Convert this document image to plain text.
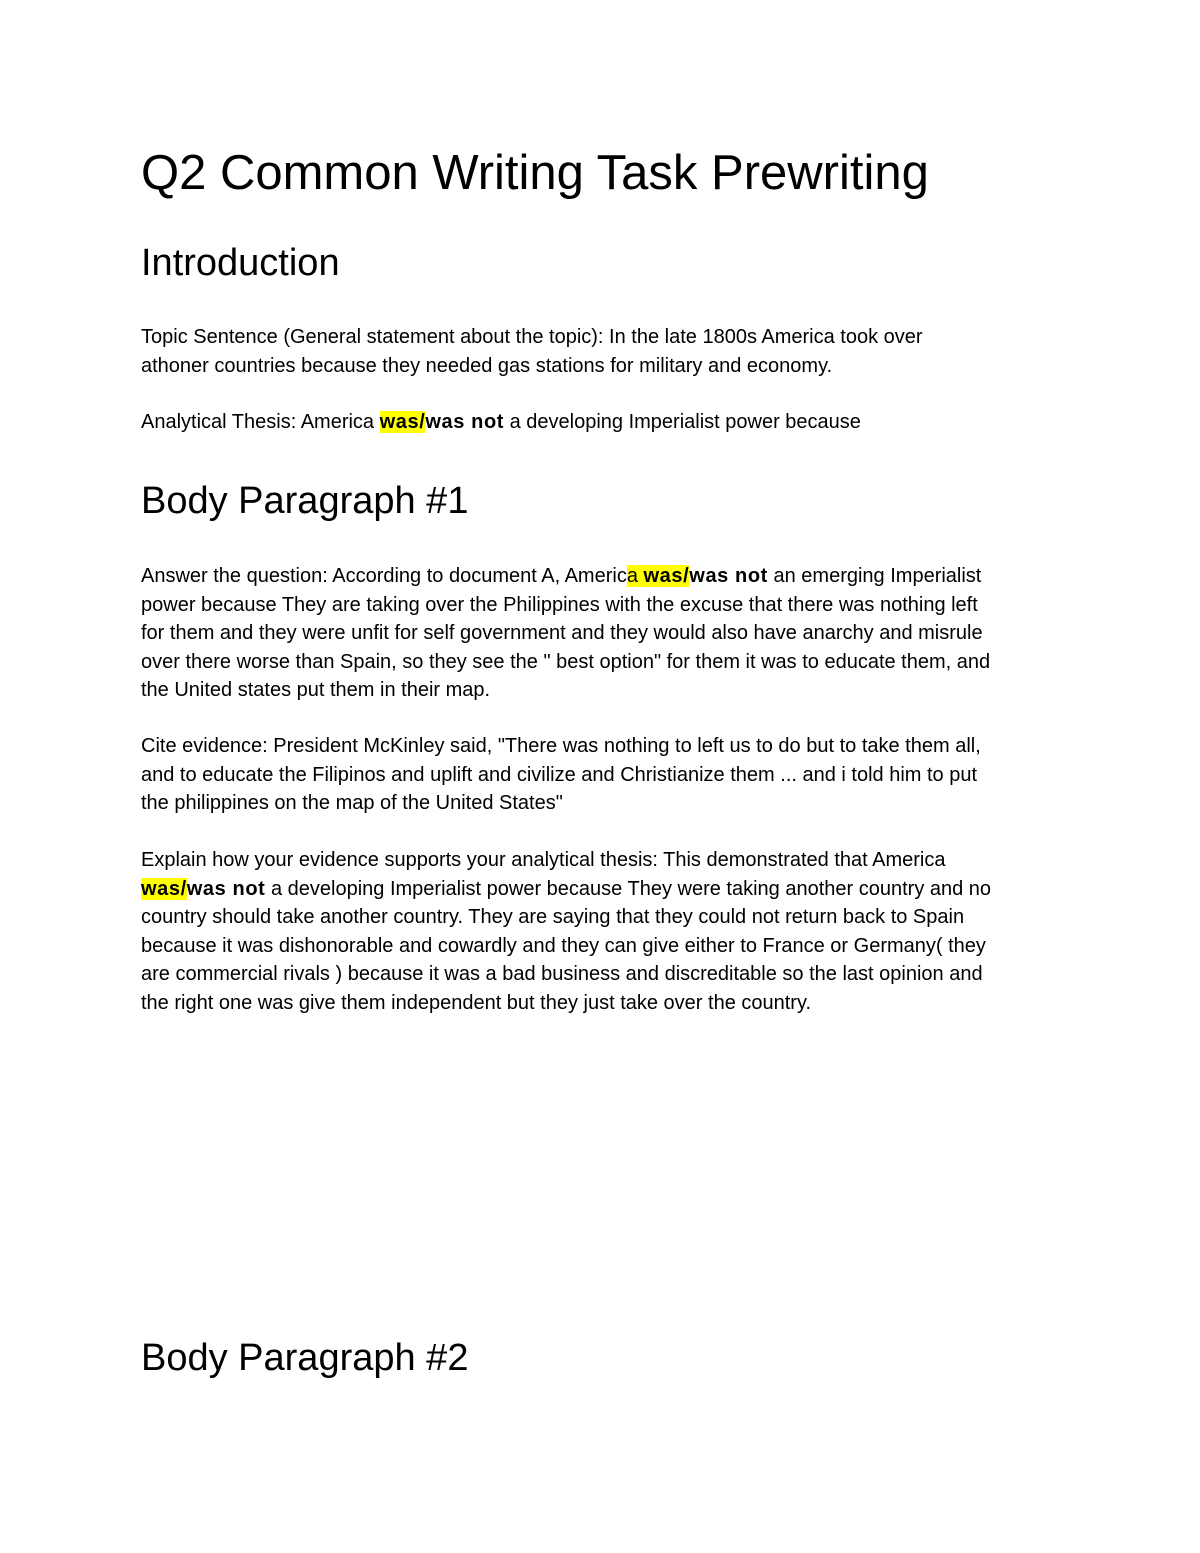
Q2 Common Writing Task Prewriting
Introduction

Topic Sentence (General statement about the topic): In the late 1800s America took over
athoner countries because they needed gas stations for military and economy.

Analytical Thesis: America was/was not a developing Imperialist power because

Body Paragraph #1

Answer the question: According to document A, America was/was not an emerging Imperialist
power because They are taking over the Philippines with the excuse that there was nothing left
for them and they were unfit for self government and they would also have anarchy and misrule
over there worse than Spain, so they see the " best option" for them it was to educate them, and
the United states put them in their map.

Cite evidence: President McKinley said, "There was nothing to left us to do but to take them all,
and to educate the Filipinos and uplift and civilize and Christianize them ... and i told him to put
the philippines on the map of the United States"

Explain how your evidence supports your analytical thesis: This demonstrated that America
was/was not a developing Imperialist power because They were taking another country and no
country should take another country. They are saying that they could not return back to Spain
because it was dishonorable and cowardly and they can give either to France or Germany( they
are commercial rivals ) because it was a bad business and discreditable so the last opinion and
the right one was give them independent but they just take over the country.

Body Paragraph #2
